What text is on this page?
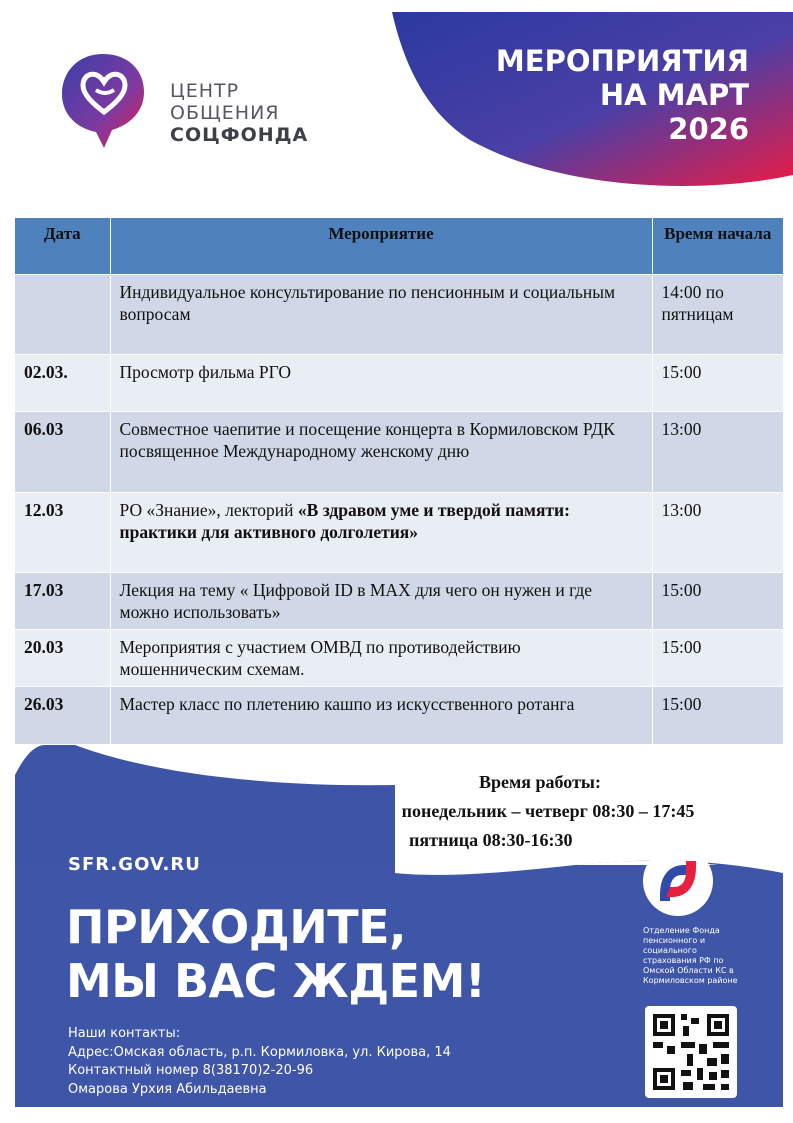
ЦЕНТР
ОБЩЕНИЯ
СОЦФОНДА
МЕРОПРИЯТИЯ
НА МАРТ
2026
Дата	Мероприятие	Время начала
	Индивидуальное консультирование по пенсионным и социальным вопросам	14:00 по пятницам
02.03.	Просмотр фильма РГО	15:00
06.03	Совместное чаепитие и посещение концерта в Кормиловском РДК посвященное Международному женскому дню	13:00
12.03	РО «Знание», лекторий «В здравом уме и твердой памяти: практики для активного долголетия»	13:00
17.03	Лекция на тему « Цифровой ID в MAX для чего он нужен и где можно использовать»	15:00
20.03	Мероприятия с участием ОМВД по противодействию мошенническим схемам.	15:00
26.03	Мастер класс по плетению кашпо из искусственного ротанга	15:00
Время работы:
понедельник – четверг 08:30 – 17:45
пятница 08:30-16:30
SFR.GOV.RU
ПРИХОДИТЕ,
МЫ ВАС ЖДЕМ!
Наши контакты:
Адрес:Омская область, р.п. Кормиловка, ул. Кирова, 14
Контактный номер 8(38170)2-20-96
Омарова Урхия Абильдаевна
Отделение Фонда пенсионного и социального страхования РФ по Омской Области КС в Кормиловском районе
